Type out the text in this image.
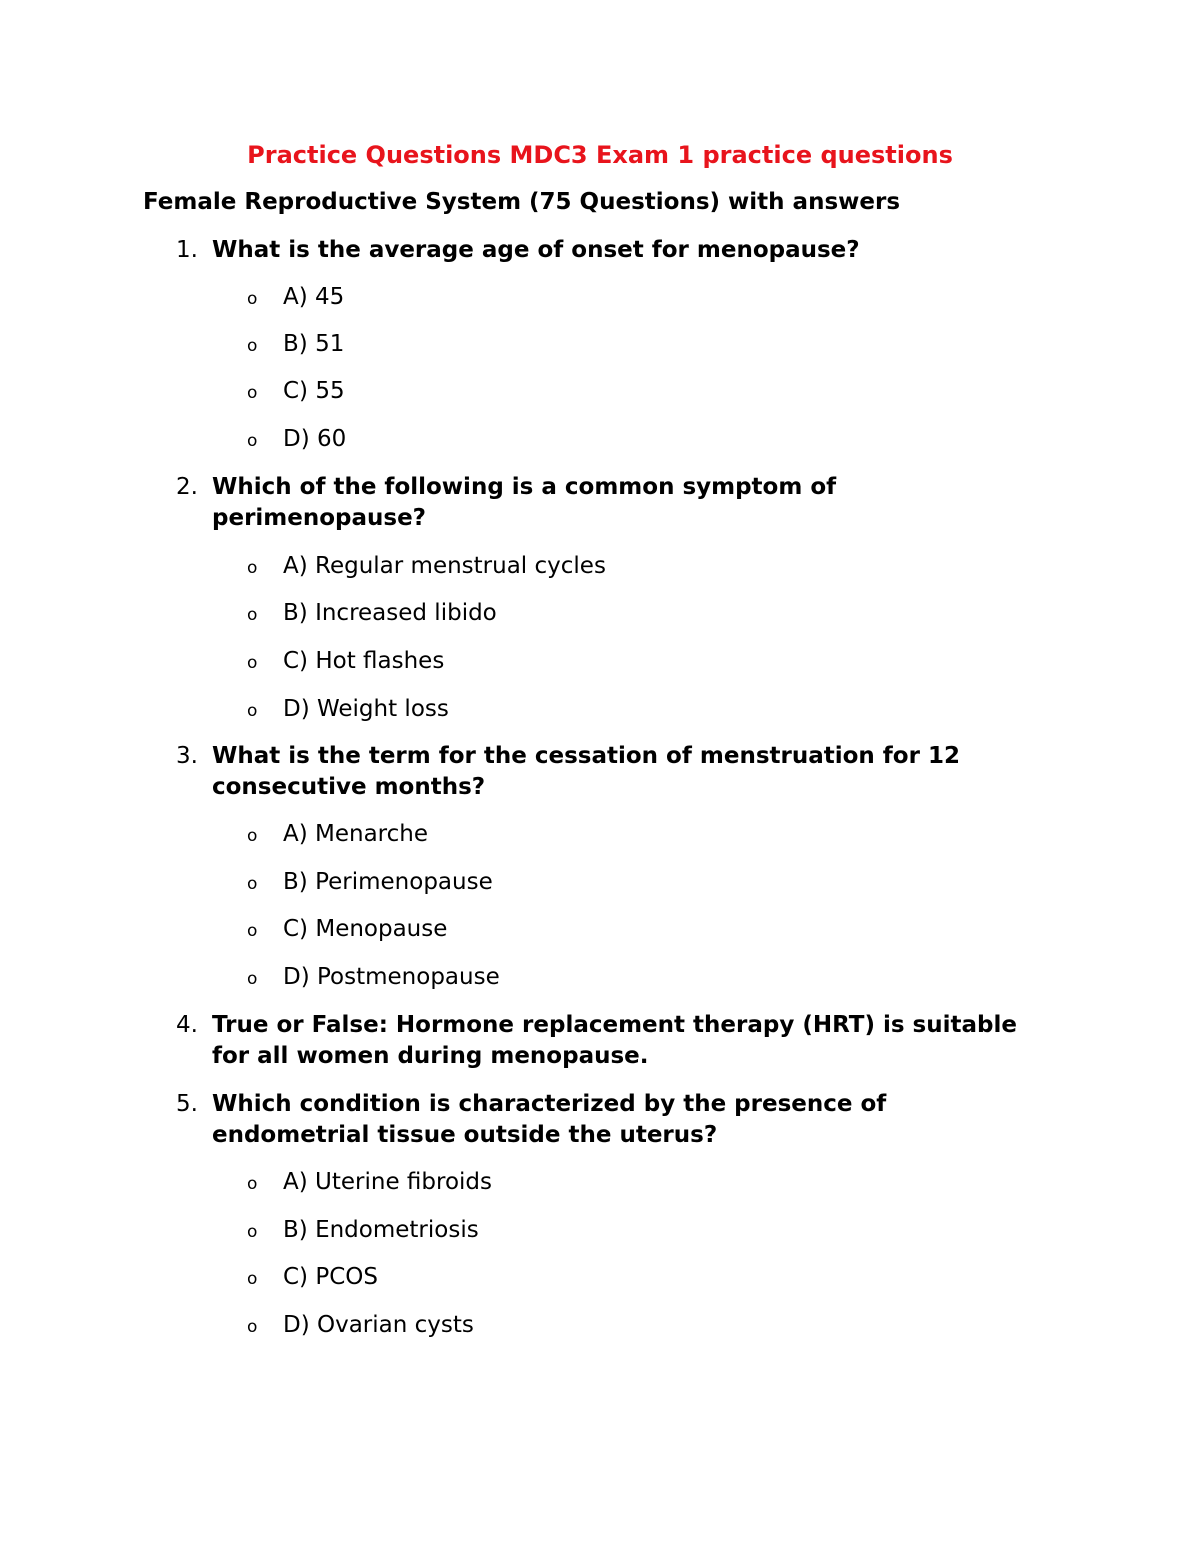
Practice Questions MDC3 Exam 1 practice questions
Female Reproductive System (75 Questions) with answers
1. What is the average age of onset for menopause?
o A) 45
o B) 51
o C) 55
o D) 60
2. Which of the following is a common symptom of perimenopause?
o A) Regular menstrual cycles
o B) Increased libido
o C) Hot flashes
o D) Weight loss
3. What is the term for the cessation of menstruation for 12 consecutive months?
o A) Menarche
o B) Perimenopause
o C) Menopause
o D) Postmenopause
4. True or False: Hormone replacement therapy (HRT) is suitable for all women during menopause.
5. Which condition is characterized by the presence of endometrial tissue outside the uterus?
o A) Uterine fibroids
o B) Endometriosis
o C) PCOS
o D) Ovarian cysts
